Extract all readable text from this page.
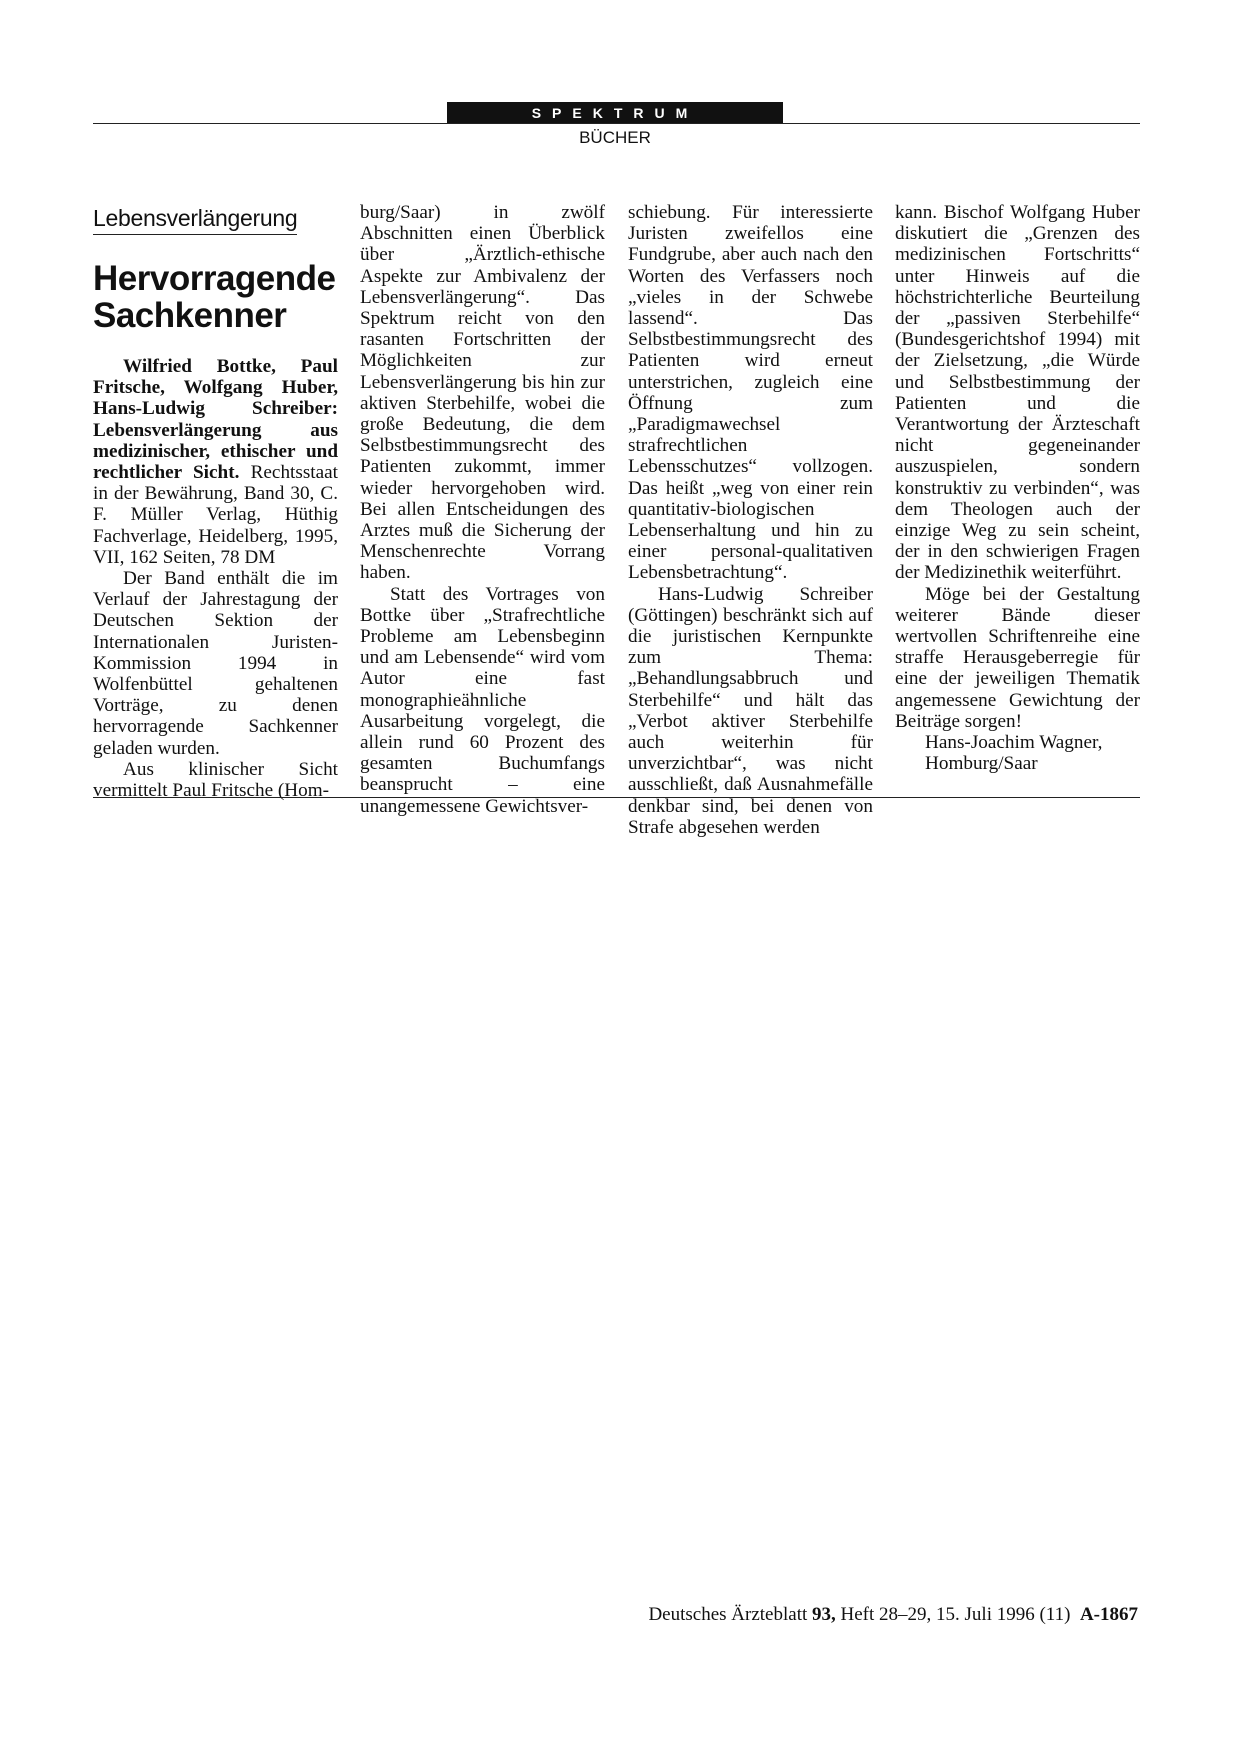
SPEKTRUM
BÜCHER
Lebensverlängerung
Hervorragende
Sachkenner

Wilfried Bottke, Paul Fritsche, Wolfgang Huber, Hans-Ludwig Schreiber: Lebensverlängerung aus medizinischer, ethischer und rechtlicher Sicht. Rechtsstaat in der Bewährung, Band 30, C. F. Müller Verlag, Hüthig Fachverlage, Heidelberg, 1995, VII, 162 Seiten, 78 DM

Der Band enthält die im Verlauf der Jahrestagung der Deutschen Sektion der Internationalen Juristen-Kommission 1994 in Wolfenbüttel gehaltenen Vorträge, zu denen hervorragende Sachkenner geladen wurden.

Aus klinischer Sicht vermittelt Paul Fritsche (Hom-

burg/Saar) in zwölf Abschnitten einen Überblick über „Ärztlich-ethische Aspekte zur Ambivalenz der Lebensverlängerung“. Das Spektrum reicht von den rasanten Fortschritten der Möglichkeiten zur Lebensverlängerung bis hin zur aktiven Sterbehilfe, wobei die große Bedeutung, die dem Selbstbestimmungsrecht des Patienten zukommt, immer wieder hervorgehoben wird. Bei allen Entscheidungen des Arztes muß die Sicherung der Menschenrechte Vorrang haben.

Statt des Vortrages von Bottke über „Strafrechtliche Probleme am Lebensbeginn und am Lebensende“ wird vom Autor eine fast monographieähnliche Ausarbeitung vorgelegt, die allein rund 60 Prozent des gesamten Buchumfangs beansprucht – eine unangemessene Gewichtsver-

schiebung. Für interessierte Juristen zweifellos eine Fundgrube, aber auch nach den Worten des Verfassers noch „vieles in der Schwebe lassend“. Das Selbstbestimmungsrecht des Patienten wird erneut unterstrichen, zugleich eine Öffnung zum „Paradigmawechsel strafrechtlichen Lebensschutzes“ vollzogen. Das heißt „weg von einer rein quantitativ-biologischen Lebenserhaltung und hin zu einer personal-qualitativen Lebensbetrachtung“.

Hans-Ludwig Schreiber (Göttingen) beschränkt sich auf die juristischen Kernpunkte zum Thema: „Behandlungsabbruch und Sterbehilfe“ und hält das „Verbot aktiver Sterbehilfe auch weiterhin für unverzichtbar“, was nicht ausschließt, daß Ausnahmefälle denkbar sind, bei denen von Strafe abgesehen werden

kann. Bischof Wolfgang Huber diskutiert die „Grenzen des medizinischen Fortschritts“ unter Hinweis auf die höchstrichterliche Beurteilung der „passiven Sterbehilfe“ (Bundesgerichtshof 1994) mit der Zielsetzung, „die Würde und Selbstbestimmung der Patienten und die Verantwortung der Ärzteschaft nicht gegeneinander auszuspielen, sondern konstruktiv zu verbinden“, was dem Theologen auch der einzige Weg zu sein scheint, der in den schwierigen Fragen der Medizinethik weiterführt.

Möge bei der Gestaltung weiterer Bände dieser wertvollen Schriftenreihe eine straffe Herausgeberregie für eine der jeweiligen Thematik angemessene Gewichtung der Beiträge sorgen!

Hans-Joachim Wagner,

Homburg/Saar

Deutsches Ärzteblatt 93, Heft 28–29, 15. Juli 1996 (11) A-1867
